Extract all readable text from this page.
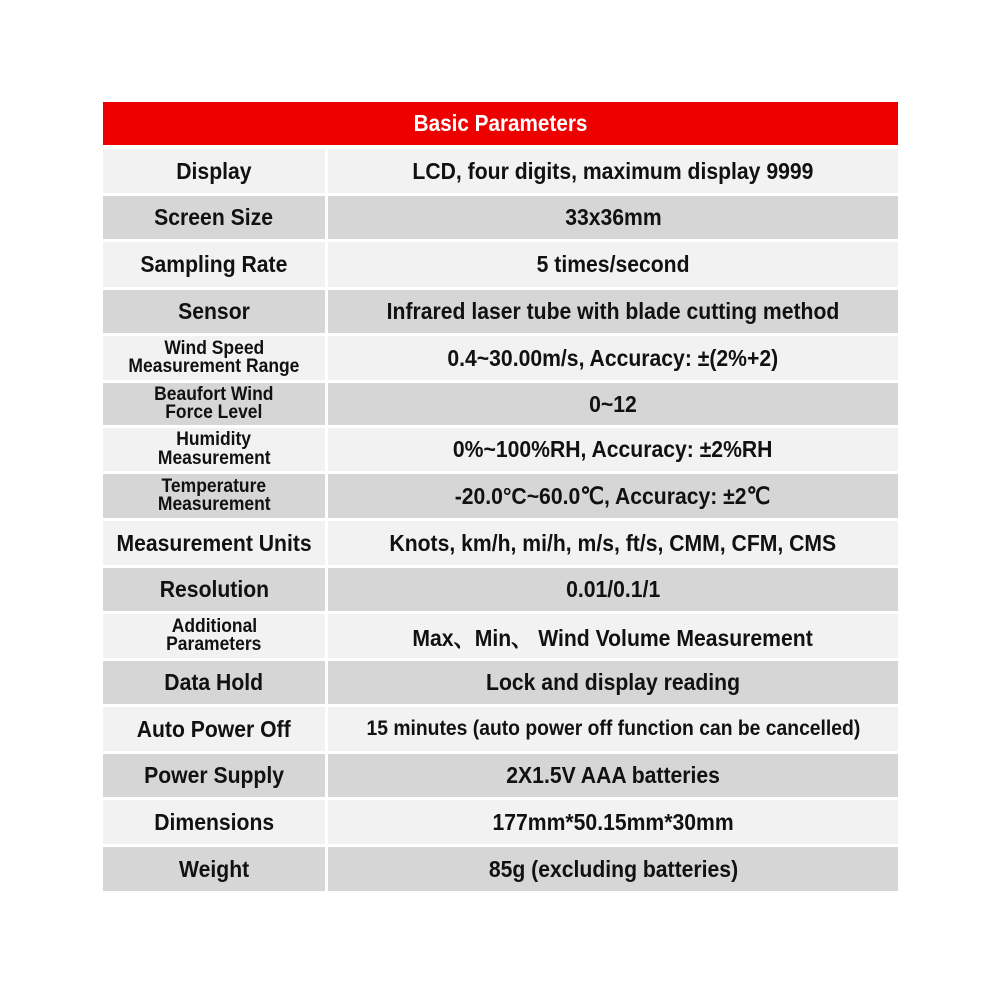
Basic Parameters
Display	LCD, four digits, maximum display 9999
Screen Size	33x36mm
Sampling Rate	5 times/second
Sensor	Infrared laser tube with blade cutting method
Wind Speed
Measurement Range	0.4~30.00m/s, Accuracy: ±(2%+2)
Beaufort Wind
Force Level	0~12
Humidity
Measurement	0%~100%RH, Accuracy: ±2%RH
Temperature
Measurement	-20.0°C~60.0℃, Accuracy: ±2℃
Measurement Units	Knots, km/h, mi/h, m/s, ft/s, CMM, CFM, CMS
Resolution	0.01/0.1/1
Additional
Parameters	Max、Min、 Wind Volume Measurement
Data Hold	Lock and display reading
Auto Power Off	15 minutes (auto power off function can be cancelled)
Power Supply	2X1.5V AAA batteries
Dimensions	177mm*50.15mm*30mm
Weight	85g (excluding batteries)
